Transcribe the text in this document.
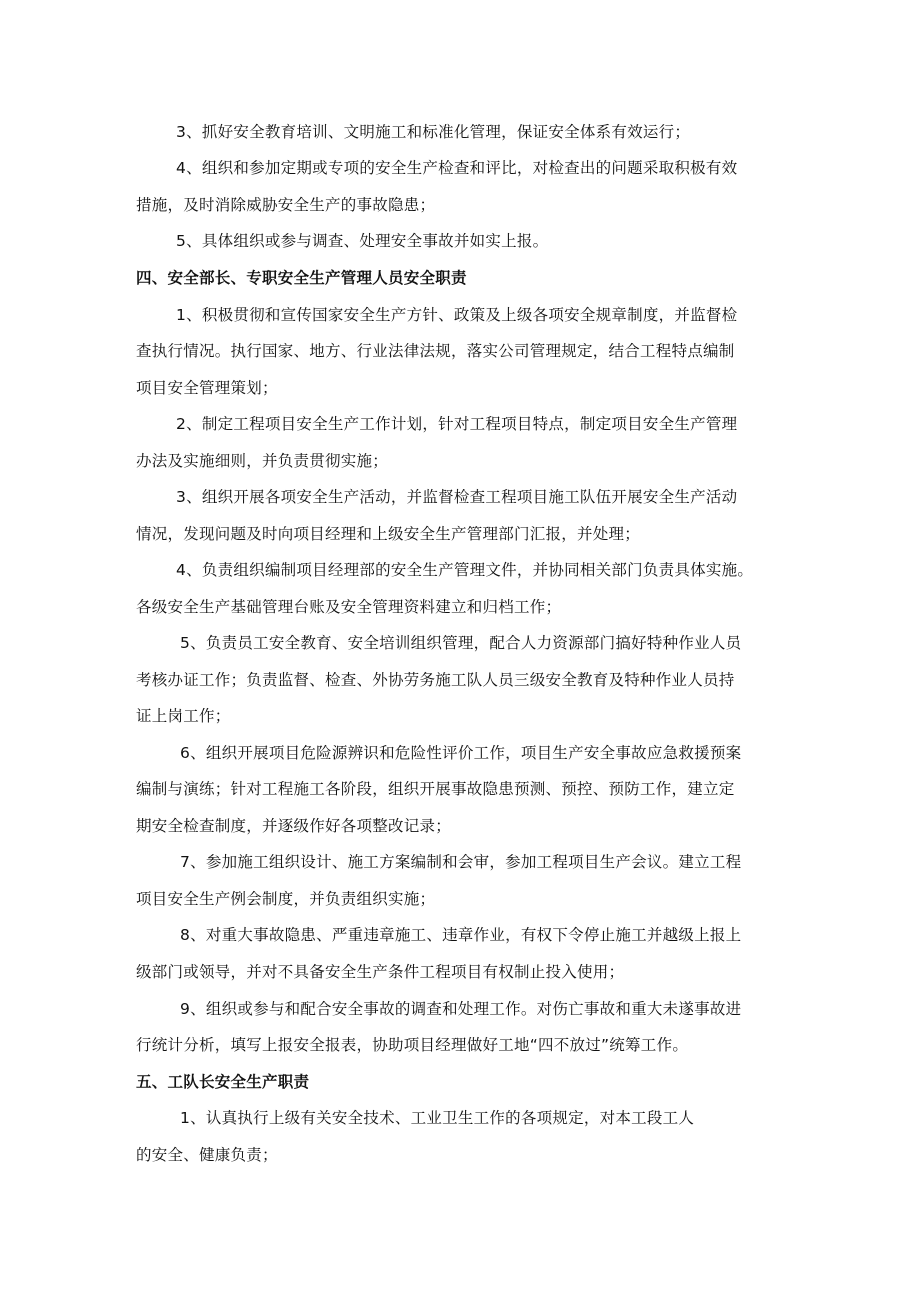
3、抓好安全教育培训、文明施工和标准化管理，保证安全体系有效运行；
4、组织和参加定期或专项的安全生产检查和评比，对检查出的问题采取积极有效
措施，及时消除威胁安全生产的事故隐患；
5、具体组织或参与调查、处理安全事故并如实上报。
四、安全部长、专职安全生产管理人员安全职责
1、积极贯彻和宣传国家安全生产方针、政策及上级各项安全规章制度，并监督检
查执行情况。执行国家、地方、行业法律法规，落实公司管理规定，结合工程特点编制
项目安全管理策划；
2、制定工程项目安全生产工作计划，针对工程项目特点，制定项目安全生产管理
办法及实施细则，并负责贯彻实施；
3、组织开展各项安全生产活动，并监督检查工程项目施工队伍开展安全生产活动
情况，发现问题及时向项目经理和上级安全生产管理部门汇报，并处理；
4、负责组织编制项目经理部的安全生产管理文件，并协同相关部门负责具体实施。
各级安全生产基础管理台账及安全管理资料建立和归档工作；
5、负责员工安全教育、安全培训组织管理，配合人力资源部门搞好特种作业人员
考核办证工作；负责监督、检查、外协劳务施工队人员三级安全教育及特种作业人员持
证上岗工作；
6、组织开展项目危险源辨识和危险性评价工作，项目生产安全事故应急救援预案
编制与演练；针对工程施工各阶段，组织开展事故隐患预测、预控、预防工作，建立定
期安全检查制度，并逐级作好各项整改记录；
7、参加施工组织设计、施工方案编制和会审，参加工程项目生产会议。建立工程
项目安全生产例会制度，并负责组织实施；
8、对重大事故隐患、严重违章施工、违章作业，有权下令停止施工并越级上报上
级部门或领导，并对不具备安全生产条件工程项目有权制止投入使用；
9、组织或参与和配合安全事故的调查和处理工作。对伤亡事故和重大未遂事故进
行统计分析，填写上报安全报表，协助项目经理做好工地“四不放过”统筹工作。
五、工队长安全生产职责
1、认真执行上级有关安全技术、工业卫生工作的各项规定，对本工段工人
的安全、健康负责；
